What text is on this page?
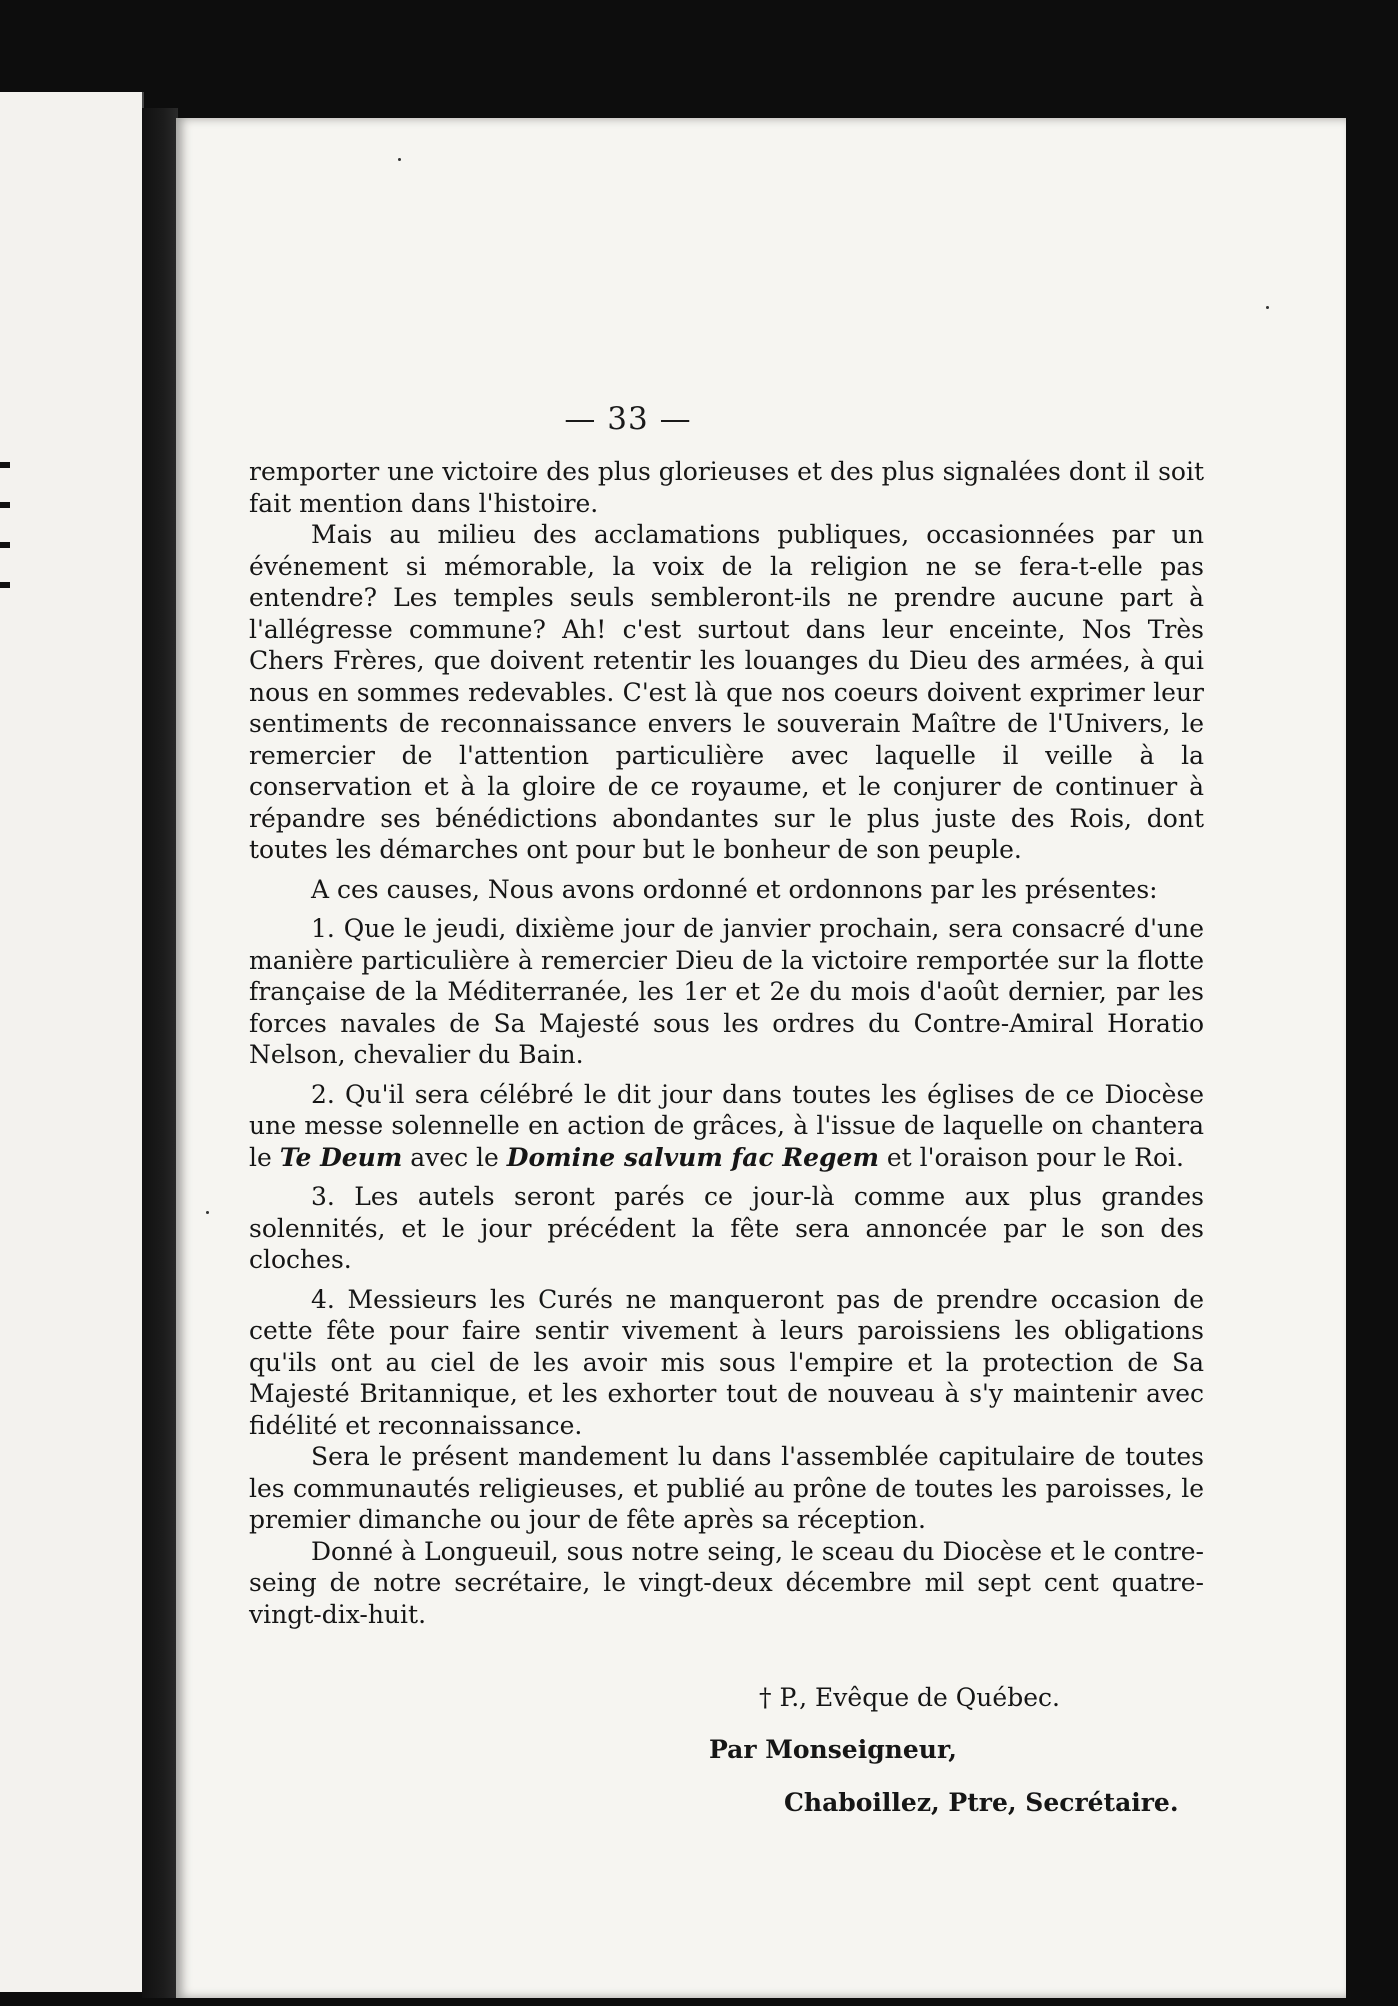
— 33 —

remporter une victoire des plus glorieuses et des plus signalées dont il soit fait mention dans l'histoire.

Mais au milieu des acclamations publiques, occasionnées par un événement si mémorable, la voix de la religion ne se fera-t-elle pas entendre? Les temples seuls sembleront-ils ne prendre aucune part à l'allégresse commune? Ah! c'est surtout dans leur enceinte, Nos Très Chers Frères, que doivent retentir les louanges du Dieu des armées, à qui nous en sommes redevables. C'est là que nos coeurs doivent exprimer leur sentiments de reconnaissance envers le souverain Maître de l'Univers, le remercier de l'attention particulière avec laquelle il veille à la conservation et à la gloire de ce royaume, et le conjurer de continuer à répandre ses bénédictions abondantes sur le plus juste des Rois, dont toutes les démarches ont pour but le bonheur de son peuple.

A ces causes, Nous avons ordonné et ordonnons par les présentes:

1. Que le jeudi, dixième jour de janvier prochain, sera consacré d'une manière particulière à remercier Dieu de la victoire remportée sur la flotte française de la Méditerranée, les 1er et 2e du mois d'août dernier, par les forces navales de Sa Majesté sous les ordres du Contre-Amiral Horatio Nelson, chevalier du Bain.

2. Qu'il sera célébré le dit jour dans toutes les églises de ce Diocèse une messe solennelle en action de grâces, à l'issue de laquelle on chantera le Te Deum avec le Domine salvum fac Regem et l'oraison pour le Roi.

3. Les autels seront parés ce jour-là comme aux plus grandes solennités, et le jour précédent la fête sera annoncée par le son des cloches.

4. Messieurs les Curés ne manqueront pas de prendre occasion de cette fête pour faire sentir vivement à leurs paroissiens les obligations qu'ils ont au ciel de les avoir mis sous l'empire et la protection de Sa Majesté Britannique, et les exhorter tout de nouveau à s'y maintenir avec fidélité et reconnaissance.

Sera le présent mandement lu dans l'assemblée capitulaire de toutes les communautés religieuses, et publié au prône de toutes les paroisses, le premier dimanche ou jour de fête après sa réception.

Donné à Longueuil, sous notre seing, le sceau du Diocèse et le contre-seing de notre secrétaire, le vingt-deux décembre mil sept cent quatre-vingt-dix-huit.

† P., Evêque de Québec.
Par Monseigneur,
Chaboillez, Ptre, Secrétaire.
